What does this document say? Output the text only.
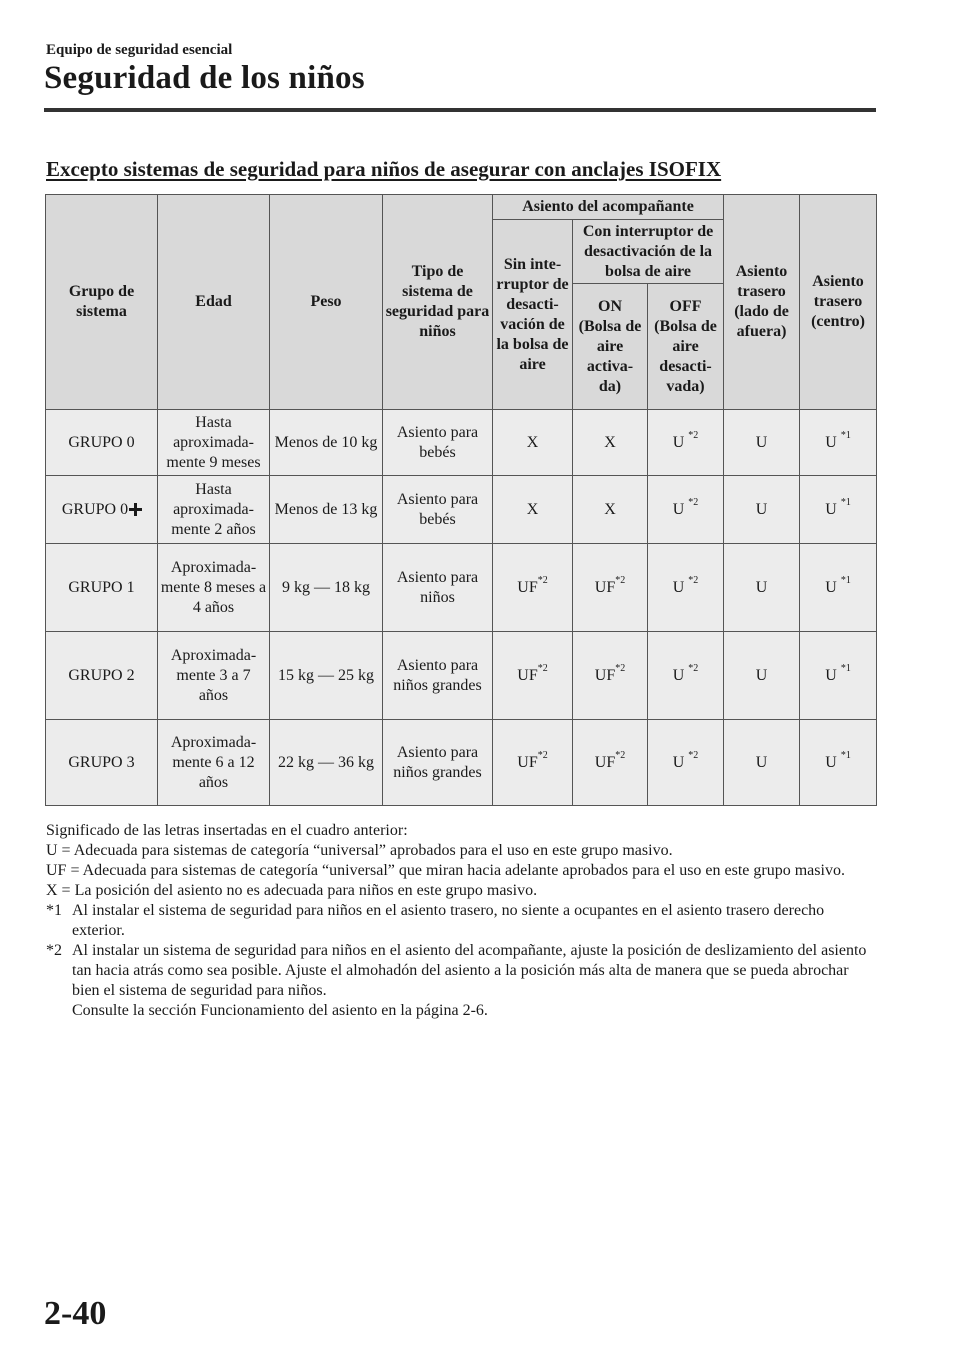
Equipo de seguridad esencial
Seguridad de los niños
Excepto sistemas de seguridad para niños de asegurar con anclajes ISOFIX
Grupo de sistema	Edad	Peso	Tipo de sistema de seguridad para niños	Asiento del acompañante			Asiento trasero (lado de afuera)	Asiento trasero (centro)
				Sin inte- rruptor de desacti- vación de la bolsa de aire	Con interruptor de desactivación de la bolsa de aire			
					ON (Bolsa de aire activa- da)	OFF (Bolsa de aire desacti- vada)		
GRUPO 0	Hasta aproximada- mente 9 meses	Menos de 10 kg	Asiento para bebés	X	X	U $^{*2}$	U	U $^{*1}$
GRUPO 0	Hasta aproximada- mente 2 años	Menos de 13 kg	Asiento para bebés	X	X	U $^{*2}$	U	U $^{*1}$
GRUPO 1	Aproximada- mente 8 meses a 4 años	9 kg ― 18 kg	Asiento para niños	UF$^{*2}$	UF$^{*2}$	U $^{*2}$	U	U $^{*1}$
GRUPO 2	Aproximada- mente 3 a 7 años	15 kg ― 25 kg	Asiento para niños grandes	UF$^{*2}$	UF$^{*2}$	U $^{*2}$	U	U $^{*1}$
GRUPO 3	Aproximada- mente 6 a 12 años	22 kg ― 36 kg	Asiento para niños grandes	UF$^{*2}$	UF$^{*2}$	U $^{*2}$	U	U $^{*1}$
Significado de las letras insertadas en el cuadro anterior:
U = Adecuada para sistemas de categoría “universal” aprobados para el uso en este grupo masivo.
UF = Adecuada para sistemas de categoría “universal” que miran hacia adelante aprobados para el uso en este grupo masivo.
X = La posición del asiento no es adecuada para niños en este grupo masivo.
*1 Al instalar el sistema de seguridad para niños en el asiento trasero, no siente a ocupantes en el asiento trasero derecho exterior.
*2 Al instalar un sistema de seguridad para niños en el asiento del acompañante, ajuste la posición de deslizamiento del asiento tan hacia atrás como sea posible. Ajuste el almohadón del asiento a la posición más alta de manera que se pueda abrochar bien el sistema de seguridad para niños.
Consulte la sección Funcionamiento del asiento en la página 2-6.
2-40
